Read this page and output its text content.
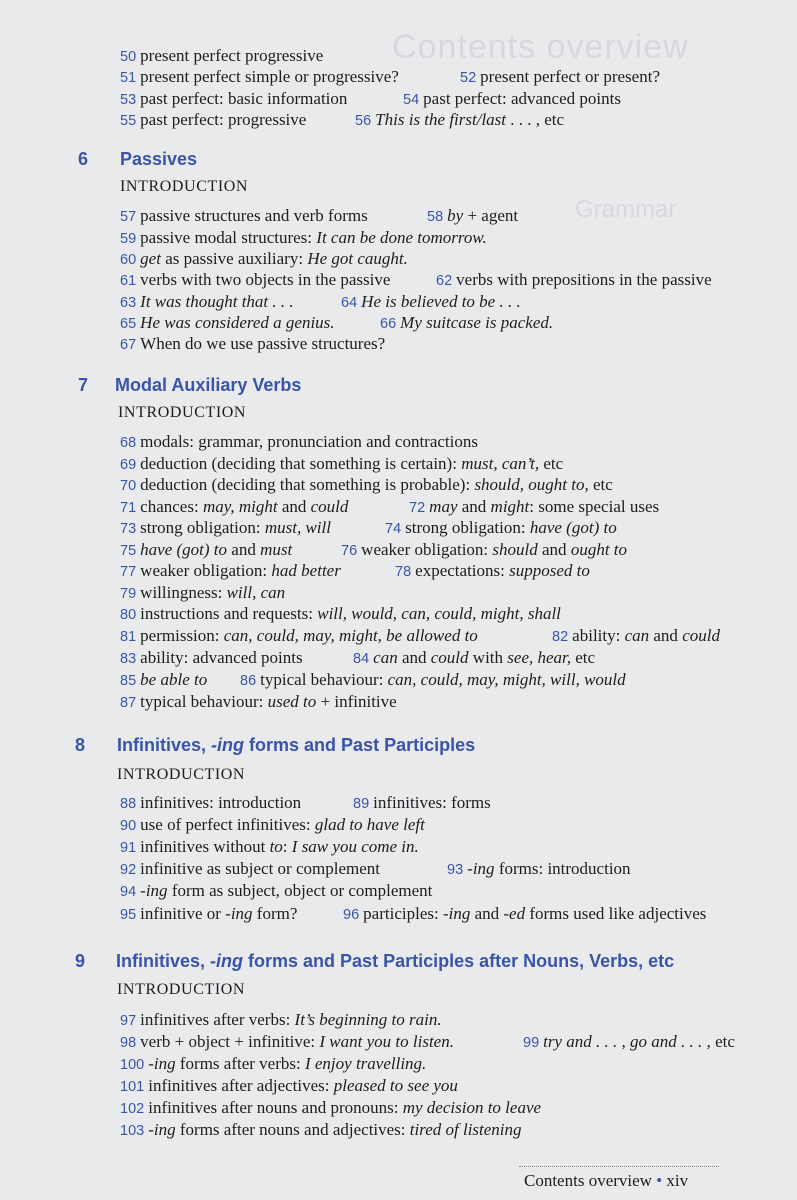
Contents overview
Grammar
6 Passives
INTRODUCTION
7 Modal Auxiliary Verbs
INTRODUCTION
8 Infinitives, -ing forms and Past Participles
INTRODUCTION
9 Infinitives, -ing forms and Past Participles after Nouns, Verbs, etc
INTRODUCTION
50 present perfect progressive
51 present perfect simple or progressive?	52 present perfect or present?
53 past perfect: basic information	54 past perfect: advanced points
55 past perfect: progressive	56 This is the first/last . . . , etc
57 passive structures and verb forms	58 by + agent
59 passive modal structures: It can be done tomorrow.
60 get as passive auxiliary: He got caught.
61 verbs with two objects in the passive	62 verbs with prepositions in the passive
63 It was thought that . . .	64 He is believed to be . . .
65 He was considered a genius.	66 My suitcase is packed.
67 When do we use passive structures?
68 modals: grammar, pronunciation and contractions
69 deduction (deciding that something is certain): must, can’t, etc
70 deduction (deciding that something is probable): should, ought to, etc
71 chances: may, might and could	72 may and might: some special uses
73 strong obligation: must, will	74 strong obligation: have (got) to
75 have (got) to and must	76 weaker obligation: should and ought to
77 weaker obligation: had better	78 expectations: supposed to
79 willingness: will, can
80 instructions and requests: will, would, can, could, might, shall
81 permission: can, could, may, might, be allowed to	82 ability: can and could
83 ability: advanced points	84 can and could with see, hear, etc
85 be able to 86 typical behaviour: can, could, may, might, will, would
87 typical behaviour: used to + infinitive
88 infinitives: introduction	89 infinitives: forms
90 use of perfect infinitives: glad to have left
91 infinitives without to: I saw you come in.
92 infinitive as subject or complement	93 -ing forms: introduction
94 -ing form as subject, object or complement
95 infinitive or -ing form?	96 participles: -ing and -ed forms used like adjectives
97 infinitives after verbs: It’s beginning to rain.
98 verb + object + infinitive: I want you to listen.	99 try and . . . , go and . . . , etc
100 -ing forms after verbs: I enjoy travelling.
101 infinitives after adjectives: pleased to see you
102 infinitives after nouns and pronouns: my decision to leave
103 -ing forms after nouns and adjectives: tired of listening
Contents overview • xiv
